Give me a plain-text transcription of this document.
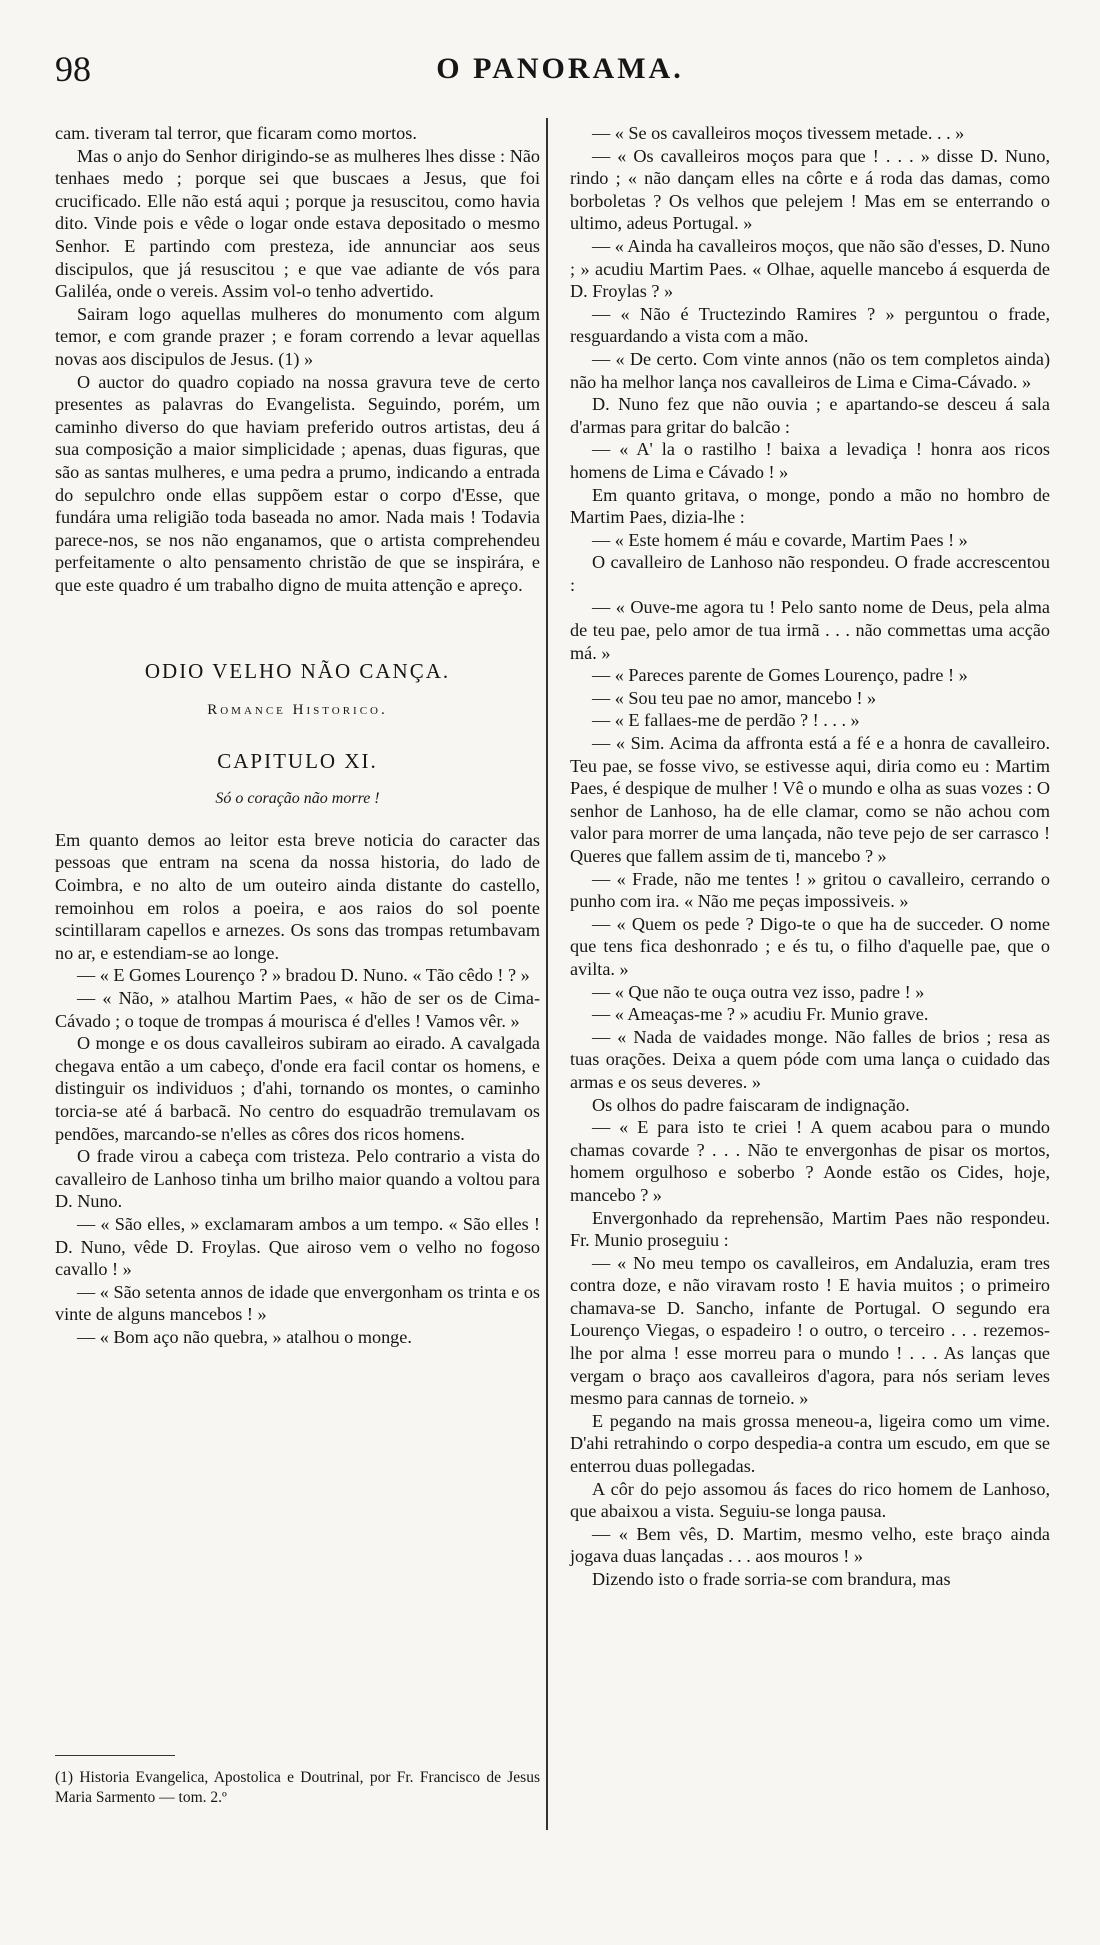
98	O PANORAMA.

cam. tiveram tal terror, que ficaram como mortos.

Mas o anjo do Senhor dirigindo-se as mulheres lhes disse : Não tenhaes medo ; porque sei que buscaes a Jesus, que foi crucificado. Elle não está aqui ; porque ja resuscitou, como havia dito. Vinde pois e vêde o logar onde estava depositado o mesmo Senhor. E partindo com presteza, ide annunciar aos seus discipulos, que já resuscitou ; e que vae adiante de vós para Galiléa, onde o vereis. Assim vol-o tenho advertido.

Sairam logo aquellas mulheres do monumento com algum temor, e com grande prazer ; e foram correndo a levar aquellas novas aos discipulos de Jesus. (1) »

O auctor do quadro copiado na nossa gravura teve de certo presentes as palavras do Evangelista. Seguindo, porém, um caminho diverso do que haviam preferido outros artistas, deu á sua composição a maior simplicidade ; apenas, duas figuras, que são as santas mulheres, e uma pedra a prumo, indicando a entrada do sepulchro onde ellas suppõem estar o corpo d'Esse, que fundára uma religião toda baseada no amor. Nada mais ! Todavia parece-nos, se nos não enganamos, que o artista comprehendeu perfeitamente o alto pensamento christão de que se inspirára, e que este quadro é um trabalho digno de muita attenção e apreço.

ODIO VELHO NÃO CANÇA.
Romance Historico.
CAPITULO XI.
Só o coração não morre !

Em quanto demos ao leitor esta breve noticia do caracter das pessoas que entram na scena da nossa historia, do lado de Coimbra, e no alto de um outeiro ainda distante do castello, remoinhou em rolos a poeira, e aos raios do sol poente scintillaram capellos e arnezes. Os sons das trompas retumbavam no ar, e estendiam-se ao longe.

— « E Gomes Lourenço ? » bradou D. Nuno. « Tão cêdo ! ? »

— « Não, » atalhou Martim Paes, « hão de ser os de Cima-Cávado ; o toque de trompas á mourisca é d'elles ! Vamos vêr. »

O monge e os dous cavalleiros subiram ao eirado. A cavalgada chegava então a um cabeço, d'onde era facil contar os homens, e distinguir os individuos ; d'ahi, tornando os montes, o caminho torcia-se até á barbacã. No centro do esquadrão tremulavam os pendões, marcando-se n'elles as côres dos ricos homens.

O frade virou a cabeça com tristeza. Pelo contrario a vista do cavalleiro de Lanhoso tinha um brilho maior quando a voltou para D. Nuno.

— « São elles, » exclamaram ambos a um tempo. « São elles ! D. Nuno, vêde D. Froylas. Que airoso vem o velho no fogoso cavallo ! »

— « São setenta annos de idade que envergonham os trinta e os vinte de alguns mancebos ! »

— « Bom aço não quebra, » atalhou o monge.

— « Se os cavalleiros moços tivessem metade. . . »

— « Os cavalleiros moços para que ! . . . » disse D. Nuno, rindo ; « não dançam elles na côrte e á roda das damas, como borboletas ? Os velhos que pelejem ! Mas em se enterrando o ultimo, adeus Portugal. »

— « Ainda ha cavalleiros moços, que não são d'esses, D. Nuno ; » acudiu Martim Paes. « Olhae, aquelle mancebo á esquerda de D. Froylas ? »

— « Não é Tructezindo Ramires ? » perguntou o frade, resguardando a vista com a mão.

— « De certo. Com vinte annos (não os tem completos ainda) não ha melhor lança nos cavalleiros de Lima e Cima-Cávado. »

D. Nuno fez que não ouvia ; e apartando-se desceu á sala d'armas para gritar do balcão :

— « A' la o rastilho ! baixa a levadiça ! honra aos ricos homens de Lima e Cávado ! »

Em quanto gritava, o monge, pondo a mão no hombro de Martim Paes, dizia-lhe :

— « Este homem é máu e covarde, Martim Paes ! »

O cavalleiro de Lanhoso não respondeu. O frade accrescentou :

— « Ouve-me agora tu ! Pelo santo nome de Deus, pela alma de teu pae, pelo amor de tua irmã . . . não commettas uma acção má. »

— « Pareces parente de Gomes Lourenço, padre ! »

— « Sou teu pae no amor, mancebo ! »

— « E fallaes-me de perdão ? ! . . . »

— « Sim. Acima da affronta está a fé e a honra de cavalleiro. Teu pae, se fosse vivo, se estivesse aqui, diria como eu : Martim Paes, é despique de mulher ! Vê o mundo e olha as suas vozes : O senhor de Lanhoso, ha de elle clamar, como se não achou com valor para morrer de uma lançada, não teve pejo de ser carrasco ! Queres que fallem assim de ti, mancebo ? »

— « Frade, não me tentes ! » gritou o cavalleiro, cerrando o punho com ira. « Não me peças impossiveis. »

— « Quem os pede ? Digo-te o que ha de succeder. O nome que tens fica deshonrado ; e és tu, o filho d'aquelle pae, que o avilta. »

— « Que não te ouça outra vez isso, padre ! »

— « Ameaças-me ? » acudiu Fr. Munio grave.

— « Nada de vaidades monge. Não falles de brios ; resa as tuas orações. Deixa a quem póde com uma lança o cuidado das armas e os seus deveres. »

Os olhos do padre faiscaram de indignação.

— « E para isto te criei ! A quem acabou para o mundo chamas covarde ? . . . Não te envergonhas de pisar os mortos, homem orgulhoso e soberbo ? Aonde estão os Cides, hoje, mancebo ? »

Envergonhado da reprehensão, Martim Paes não respondeu. Fr. Munio proseguiu :

— « No meu tempo os cavalleiros, em Andaluzia, eram tres contra doze, e não viravam rosto ! E havia muitos ; o primeiro chamava-se D. Sancho, infante de Portugal. O segundo era Lourenço Viegas, o espadeiro ! o outro, o terceiro . . . rezemos-lhe por alma ! esse morreu para o mundo ! . . . As lanças que vergam o braço aos cavalleiros d'agora, para nós seriam leves mesmo para cannas de torneio. »

E pegando na mais grossa meneou-a, ligeira como um vime. D'ahi retrahindo o corpo despedia-a contra um escudo, em que se enterrou duas pollegadas.

A côr do pejo assomou ás faces do rico homem de Lanhoso, que abaixou a vista. Seguiu-se longa pausa.

— « Bem vês, D. Martim, mesmo velho, este braço ainda jogava duas lançadas . . . aos mouros ! »

Dizendo isto o frade sorria-se com brandura, mas

(1) Historia Evangelica, Apostolica e Doutrinal, por Fr. Francisco de Jesus Maria Sarmento — tom. 2.º
